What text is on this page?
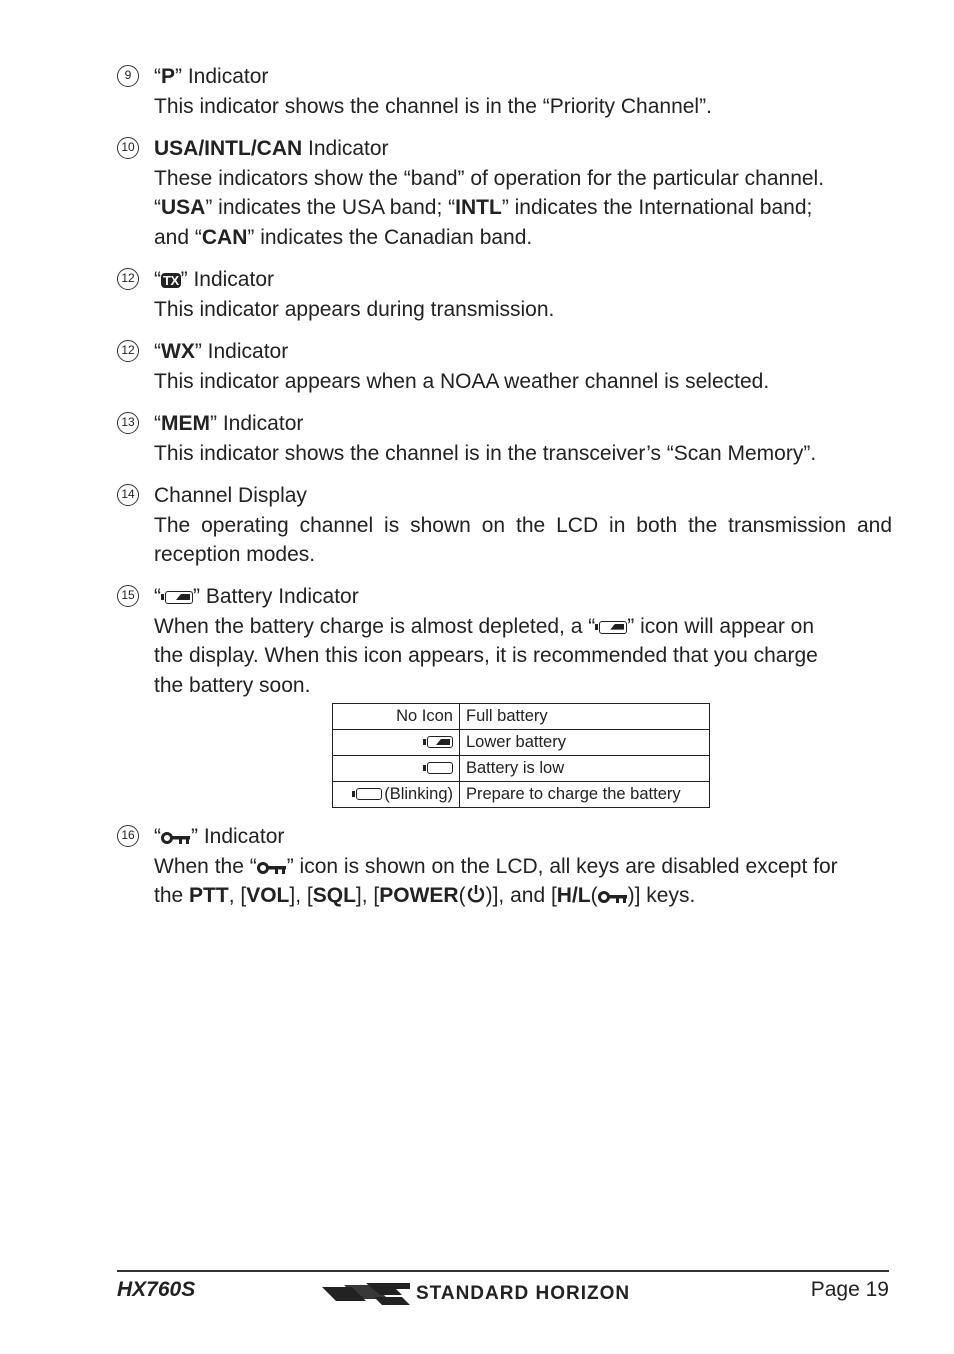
9	“P” Indicator
This indicator shows the channel is in the “Priority Channel”.
10 USA/INTL/CAN Indicator
These indicators show the “band” of operation for the particular channel.
“USA” indicates the USA band; “INTL” indicates the International band;
and “CAN” indicates the Canadian band.
12 “ TX” Indicator
This indicator appears during transmission.
12 “WX” Indicator
This indicator appears when a NOAA weather channel is selected.
13 “MEM” Indicator
This indicator shows the channel is in the transceiver’s “Scan Memory”.
14 Channel Display
The operating channel is shown on the LCD in both the transmission and reception modes.
15 “ ” Battery Indicator
When the battery charge is almost depleted, a “ ” icon will appear on
the display. When this icon appears, it is recommended that you charge
the battery soon.
No Icon	Full battery
	Lower battery
	Battery is low
(Blinking)	Prepare to charge the battery
16 “ ” Indicator
When the “ ” icon is shown on the LCD, all keys are disabled except for
the PTT, [VOL], [SQL], [POWER( )], and [H/L( )] keys.
HX760S	STANDARD HORIZON	Page 19
